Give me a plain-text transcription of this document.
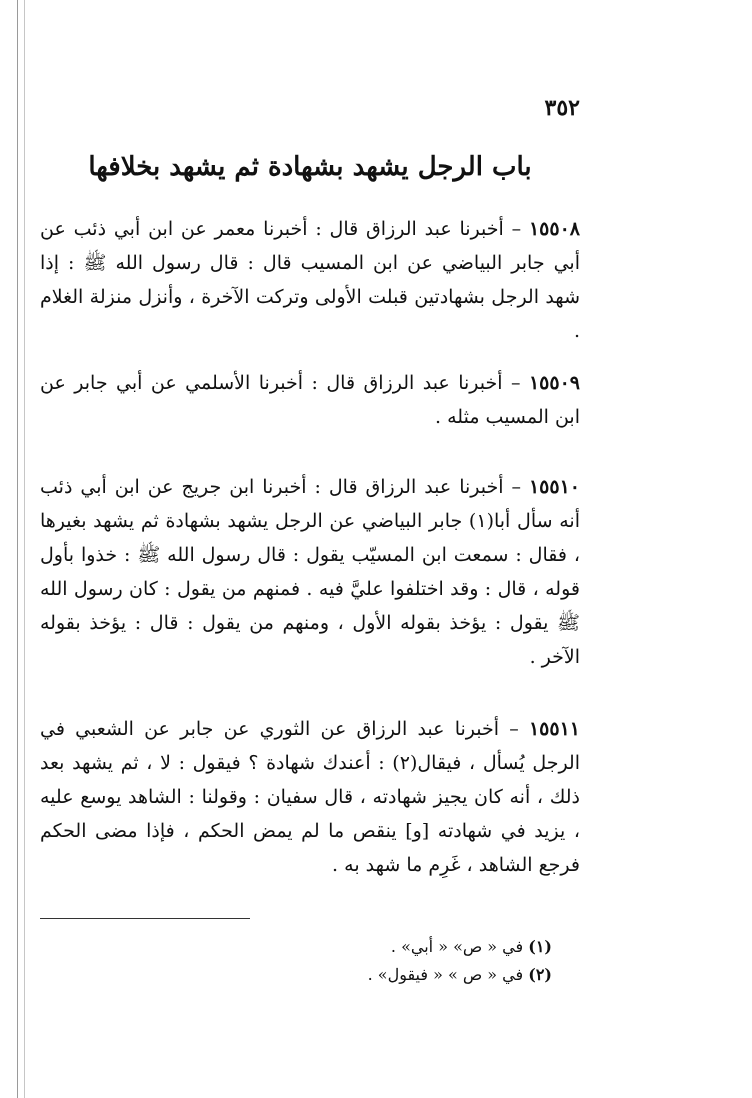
٣٥٢
باب الرجل يشهد بشهادة ثم يشهد بخلافها

١٥٥٠٨ – أخبرنا عبد الرزاق قال : أخبرنا معمر عن ابن أبي ذئب عن أبي جابر البياضي عن ابن المسيب قال : قال رسول الله ﷺ : إذا شهد الرجل بشهادتين قبلت الأولى وتركت الآخرة ، وأنزل منزلة الغلام .

١٥٥٠٩ – أخبرنا عبد الرزاق قال : أخبرنا الأسلمي عن أبي جابر عن ابن المسيب مثله .

١٥٥١٠ – أخبرنا عبد الرزاق قال : أخبرنا ابن جريج عن ابن أبي ذئب أنه سأل أبا(١) جابر البياضي عن الرجل يشهد بشهادة ثم يشهد بغيرها ، فقال : سمعت ابن المسيّب يقول : قال رسول الله ﷺ : خذوا بأول قوله ، قال : وقد اختلفوا عليَّ فيه . فمنهم من يقول : كان رسول الله ﷺ يقول : يؤخذ بقوله الأول ، ومنهم من يقول : قال : يؤخذ بقوله الآخر .

١٥٥١١ – أخبرنا عبد الرزاق عن الثوري عن جابر عن الشعبي في الرجل يُسأل ، فيقال(٢) : أعندك شهادة ؟ فيقول : لا ، ثم يشهد بعد ذلك ، أنه كان يجيز شهادته ، قال سفيان : وقولنا : الشاهد يوسع عليه ، يزيد في شهادته [و] ينقص ما لم يمض الحكم ، فإذا مضى الحكم فرجع الشاهد ، غَرِم ما شهد به .

(١) في « ص» « أبي» .
(٢) في « ص » « فيقول» .
